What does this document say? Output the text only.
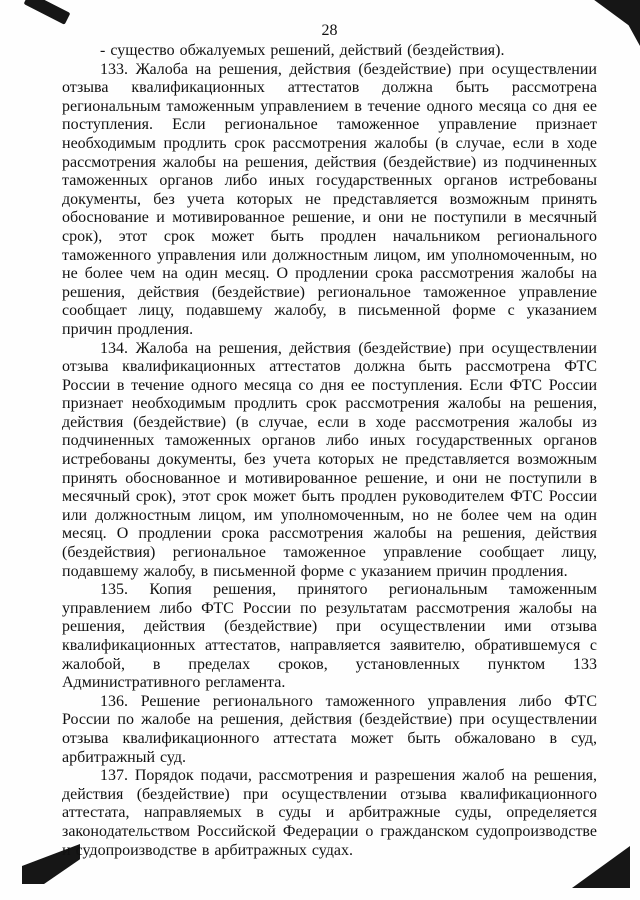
28

- существо обжалуемых решений, действий (бездействия).

133. Жалоба на решения, действия (бездействие) при осуществлении отзыва квалификационных аттестатов должна быть рассмотрена региональным таможенным управлением в течение одного месяца со дня ее поступления. Если региональное таможенное управление признает необходимым продлить срок рассмотрения жалобы (в случае, если в ходе рассмотрения жалобы на решения, действия (бездействие) из подчиненных таможенных органов либо иных государственных органов истребованы документы, без учета которых не представляется возможным принять обоснование и мотивированное решение, и они не поступили в месячный срок), этот срок может быть продлен начальником регионального таможенного управления или должностным лицом, им уполномоченным, но не более чем на один месяц. О продлении срока рассмотрения жалобы на решения, действия (бездействие) региональное таможенное управление сообщает лицу, подавшему жалобу, в письменной форме с указанием причин продления.

134. Жалоба на решения, действия (бездействие) при осуществлении отзыва квалификационных аттестатов должна быть рассмотрена ФТС России в течение одного месяца со дня ее поступления. Если ФТС России признает необходимым продлить срок рассмотрения жалобы на решения, действия (бездействие) (в случае, если в ходе рассмотрения жалобы из подчиненных таможенных органов либо иных государственных органов истребованы документы, без учета которых не представляется возможным принять обоснованное и мотивированное решение, и они не поступили в месячный срок), этот срок может быть продлен руководителем ФТС России или должностным лицом, им уполномоченным, но не более чем на один месяц. О продлении срока рассмотрения жалобы на решения, действия (бездействия) региональное таможенное управление сообщает лицу, подавшему жалобу, в письменной форме с указанием причин продления.

135. Копия решения, принятого региональным таможенным управлением либо ФТС России по результатам рассмотрения жалобы на решения, действия (бездействие) при осуществлении ими отзыва квалификационных аттестатов, направляется заявителю, обратившемуся с жалобой, в пределах сроков, установленных пунктом 133 Административного регламента.

136. Решение регионального таможенного управления либо ФТС России по жалобе на решения, действия (бездействие) при осуществлении отзыва квалификационного аттестата может быть обжаловано в суд, арбитражный суд.

137. Порядок подачи, рассмотрения и разрешения жалоб на решения, действия (бездействие) при осуществлении отзыва квалификационного аттестата, направляемых в суды и арбитражные суды, определяется законодательством Российской Федерации о гражданском судопроизводстве и судопроизводстве в арбитражных судах.
